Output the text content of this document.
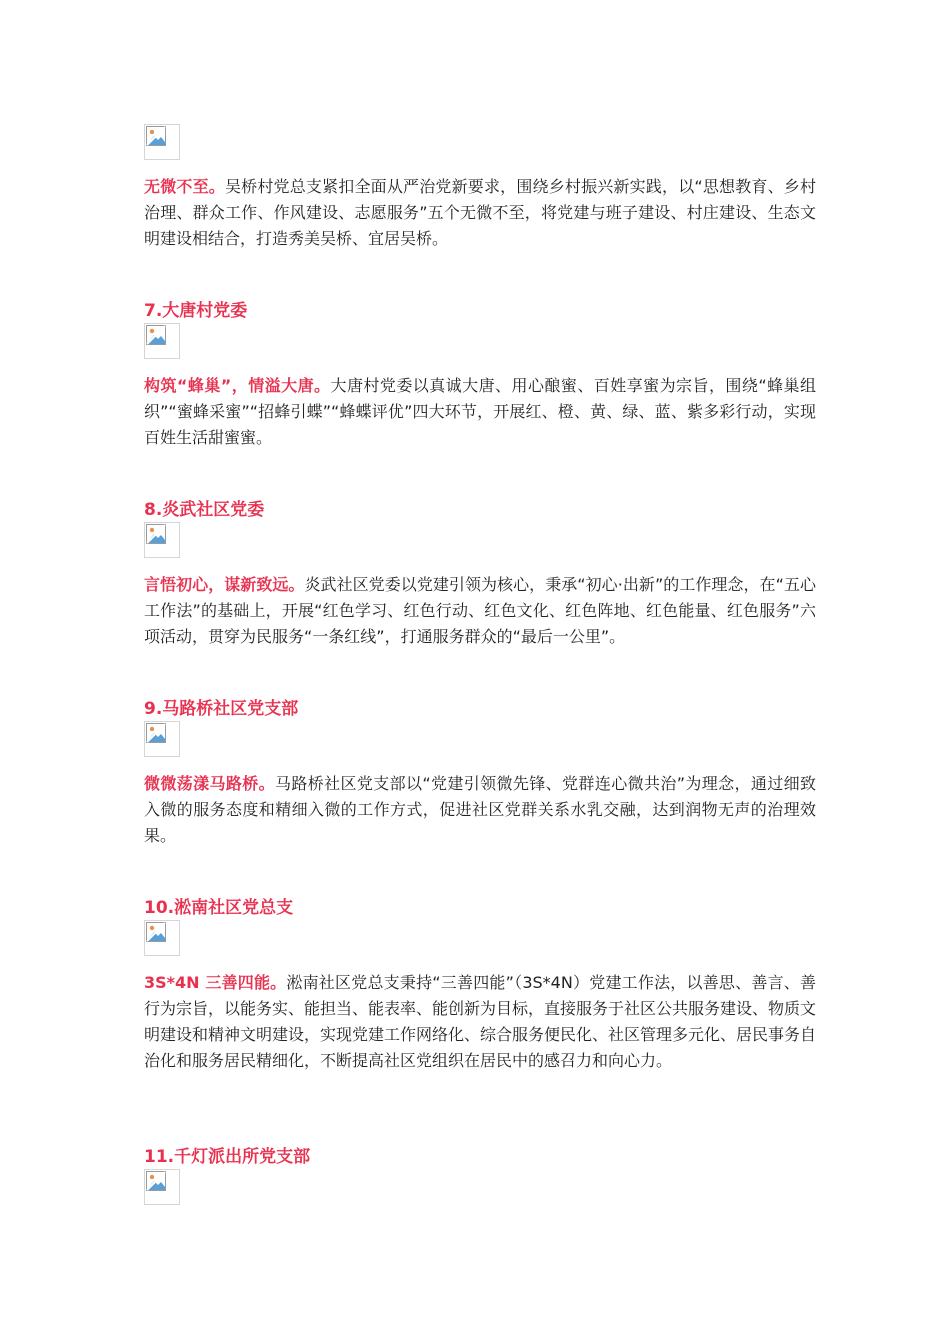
无微不至。吴桥村党总支紧扣全面从严治党新要求，围绕乡村振兴新实践，以“思想教育、乡村治理、群众工作、作风建设、志愿服务”五个无微不至，将党建与班子建设、村庄建设、生态文明建设相结合，打造秀美吴桥、宜居吴桥。

7.大唐村党委

构筑“蜂巢”，情溢大唐。大唐村党委以真诚大唐、用心酿蜜、百姓享蜜为宗旨，围绕“蜂巢组织”“蜜蜂采蜜”“招蜂引蝶”“蜂蝶评优”四大环节，开展红、橙、黄、绿、蓝、紫多彩行动，实现百姓生活甜蜜蜜。

8.炎武社区党委

言悟初心，谋新致远。炎武社区党委以党建引领为核心，秉承“初心·出新”的工作理念，在“五心工作法”的基础上，开展“红色学习、红色行动、红色文化、红色阵地、红色能量、红色服务”六项活动，贯穿为民服务“一条红线”，打通服务群众的“最后一公里”。

9.马路桥社区党支部

微微荡漾马路桥。马路桥社区党支部以“党建引领微先锋、党群连心微共治”为理念，通过细致入微的服务态度和精细入微的工作方式，促进社区党群关系水乳交融，达到润物无声的治理效果。

10.淞南社区党总支

3S*4N 三善四能。淞南社区党总支秉持“三善四能”（3S*4N）党建工作法，以善思、善言、善行为宗旨，以能务实、能担当、能表率、能创新为目标，直接服务于社区公共服务建设、物质文明建设和精神文明建设，实现党建工作网络化、综合服务便民化、社区管理多元化、居民事务自治化和服务居民精细化，不断提高社区党组织在居民中的感召力和向心力。

11.千灯派出所党支部
